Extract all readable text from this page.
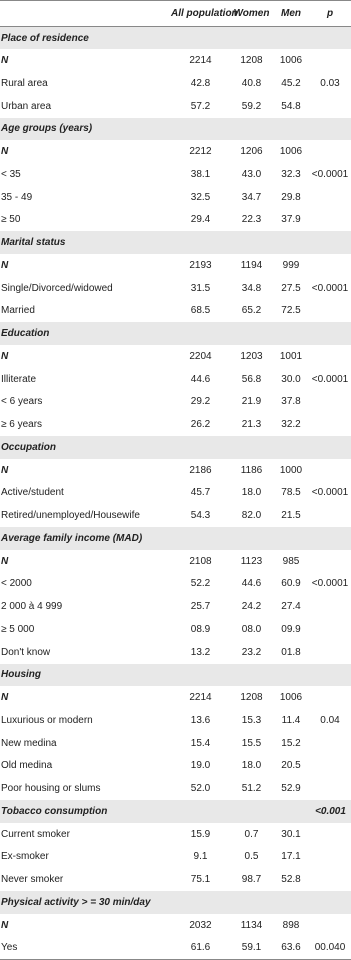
	All population	Women	Men	p
Place of residence				
N	2214	1208	1006	
Rural area	42.8	40.8	45.2	0.03
Urban area	57.2	59.2	54.8	
Age groups (years)				
N	2212	1206	1006	
< 35	38.1	43.0	32.3	<0.0001
35 - 49	32.5	34.7	29.8	
≥ 50	29.4	22.3	37.9	
Marital status				
N	2193	1194	999	
Single/Divorced/widowed	31.5	34.8	27.5	<0.0001
Married	68.5	65.2	72.5	
Education				
N	2204	1203	1001	
Illiterate	44.6	56.8	30.0	<0.0001
< 6 years	29.2	21.9	37.8	
≥ 6 years	26.2	21.3	32.2	
Occupation				
N	2186	1186	1000	
Active/student	45.7	18.0	78.5	<0.0001
Retired/unemployed/Housewife	54.3	82.0	21.5	
Average family income (MAD)				
N	2108	1123	985	
< 2000	52.2	44.6	60.9	<0.0001
2 000 à 4 999	25.7	24.2	27.4	
≥ 5 000	08.9	08.0	09.9	
Don't know	13.2	23.2	01.8	
Housing				
N	2214	1208	1006	
Luxurious or modern	13.6	15.3	11.4	0.04
New medina	15.4	15.5	15.2	
Old medina	19.0	18.0	20.5	
Poor housing or slums	52.0	51.2	52.9	
Tobacco consumption				<0.001
Current smoker	15.9	0.7	30.1	
Ex-smoker	9.1	0.5	17.1	
Never smoker	75.1	98.7	52.8	
Physical activity > = 30 min/day				
N	2032	1134	898	
Yes	61.6	59.1	63.6	00.040
